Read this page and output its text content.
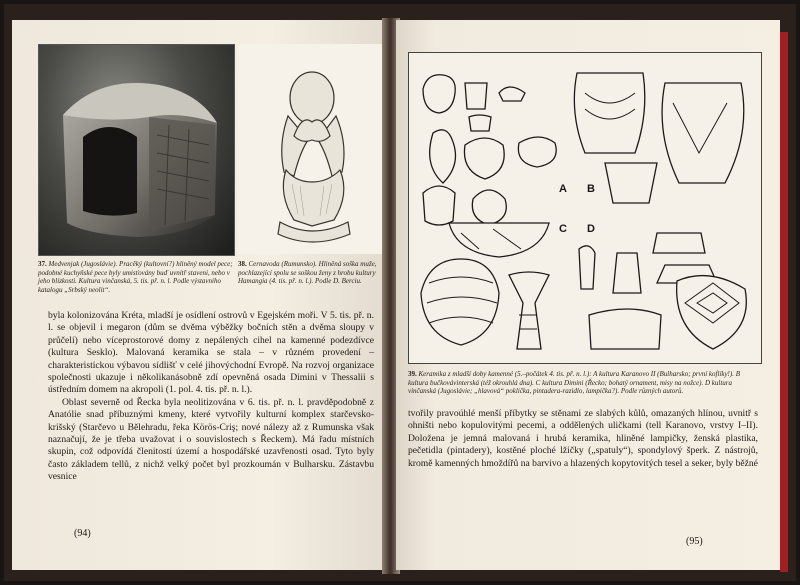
37. Medvenjak (Jugoslávie). Pracěký (kultovní?) hliněný model pece; podobné kuchyňské pece byly umisťovány buď uvnitř staveni, nebo v jeho blízkosti. Kultura vinčanská, 5. tis. př. n. l. Podle výstavního katalogu „Srbský neolit“.
38. Cernavoda (Rumunsko). Hliněná soška muže, pochlazející spolu se soškou ženy z hrobu kultury Hamangia (4. tis. př. n. l.). Podle D. Berciu.

byla kolonizována Kréta, mladší je osídlení ostrovů v Egejském moři. V 5. tis. př. n. l. se objevil i megaron (dům se dvěma výběžky bočních stěn a dvěma sloupy v průčelí) nebo víceprostorové domy z nepálených cihel na kamenné podezdívce (kultura Sesklo). Malovaná keramika se stala – v různém provedení – charakteristickou výbavou sídlišť v celé jihovýchodní Evropě. Na rozvoj organizace společnosti ukazuje i několikanásobně zdí opevněná osada Dimini v Thessalii s ústředním domem na akropoli (1. pol. 4. tis. př. n. l.).

Oblast severně od Řecka byla neolitizována v 6. tis. př. n. l. pravděpodobně z Anatólie snad příbuznými kmeny, které vytvořily kulturní komplex starčevsko-krišský (Starčevo u Bělehradu, řeka Körös-Criş; nové nálezy až z Rumunska však naznačují, že je třeba uvažovat i o souvislostech s Řeckem). Má řadu místních skupin, což odpovídá členitosti území a hospodářské uzavřenosti osad. Tyto byly často základem tellů, z nichž velký počet byl prozkoumán v Bulharsku. Zástavbu vesnice

(94)
A B
C D
39. Keramika z mladší doby kamenné (5.–počátek 4. tis. př. n. l.): A kultura Karanovo II (Bulharsko; první koflíky!). B kultura bučkovávinterská (též okrouhlá dna). C kultura Dimini (Řecko; bohatý ornament, misy na nožce). D kultura vinčanská (Jugoslávie; „hlavová“ poklička, pintadera-razidlo, lampička?). Podle různých autorů.

tvořily pravoúhlé menší příbytky se stěnami ze slabých kůlů, omazaných hlínou, uvnitř s ohništi nebo kopulovitými pecemi, a oddělených uličkami (tell Karanovo, vrstvy I–II). Doložena je jemná malovaná i hrubá keramika, hliněné lampičky, ženská plastika, pečetidla (pintadery), kostěné ploché lžičky („spatuly“), spondylový šperk. Z nástrojů, kromě kamenných hmoždířů na barvivo a hlazených kopytovitých tesel a seker, byly běžné

(95)
